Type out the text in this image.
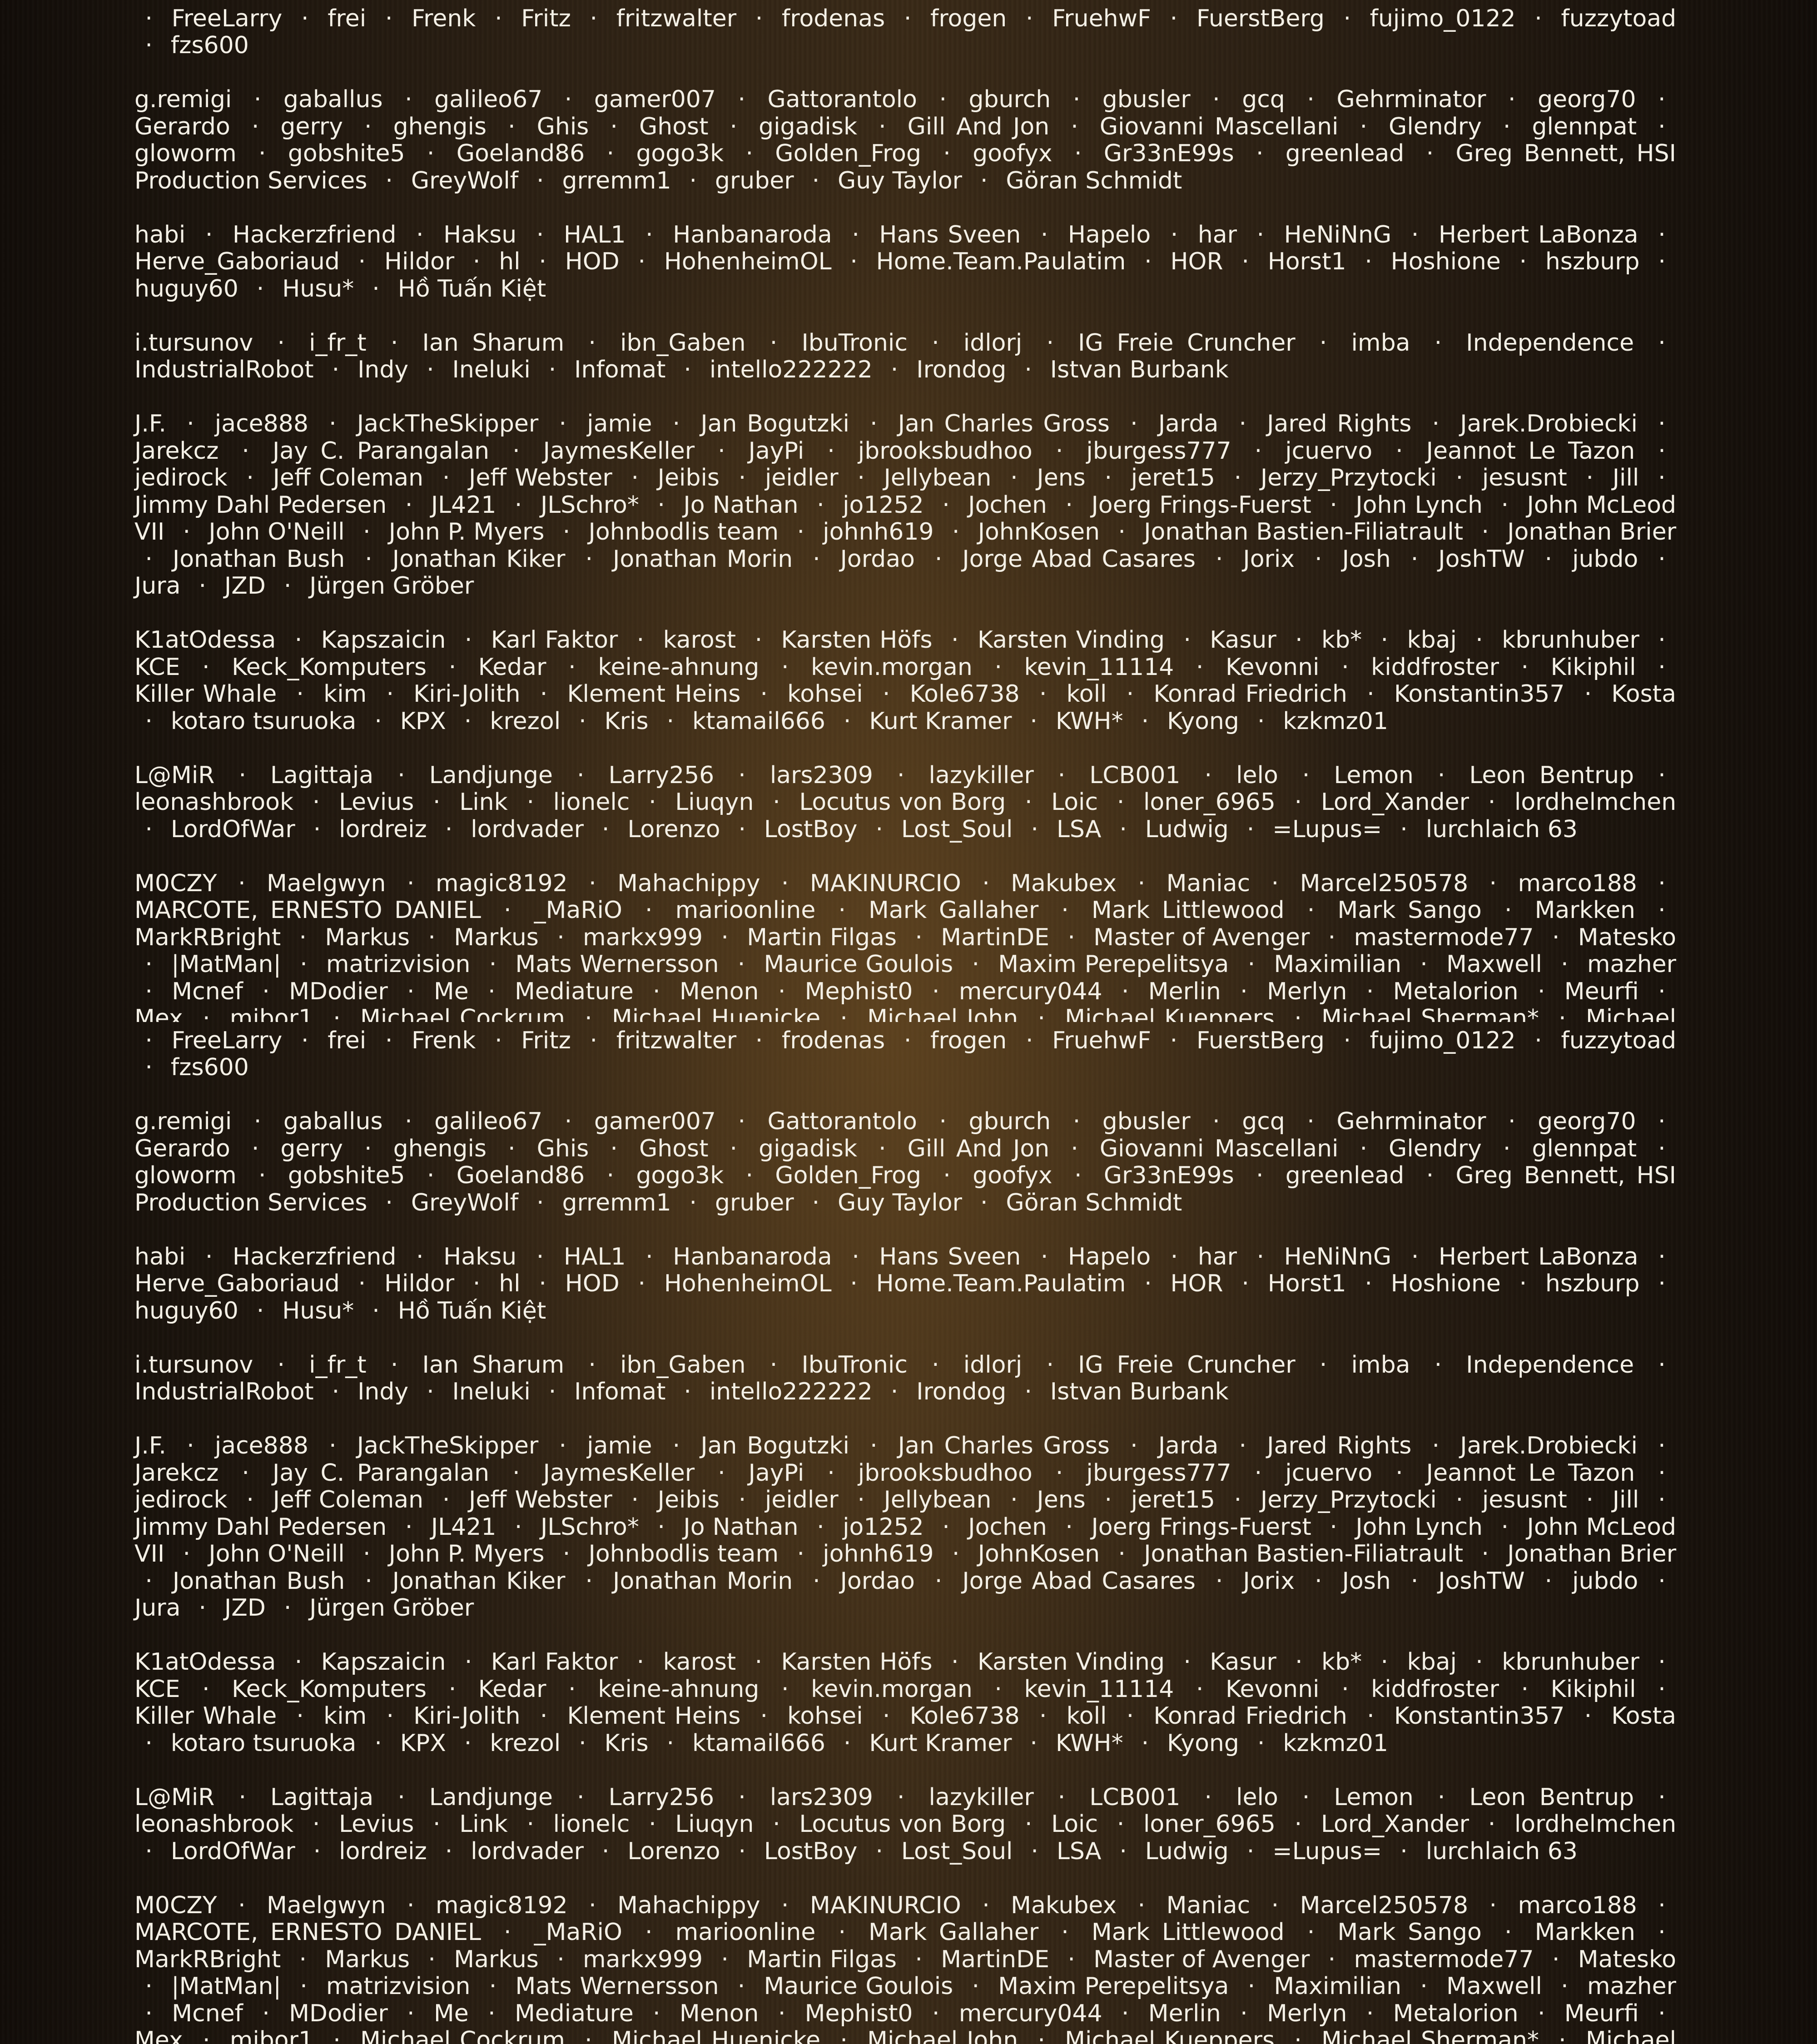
· FreeLarry · frei · Frenk · Fritz · fritzwalter · frodenas · frogen · FruehwF · FuerstBerg · fujimo_0122 · fuzzytoad · fzs600
g.remigi · gaballus · galileo67 · gamer007 · Gattorantolo · gburch · gbusler · gcq · Gehrminator · georg70 · Gerardo · gerry · ghengis · Ghis · Ghost · gigadisk · Gill And Jon · Giovanni Mascellani · Glendry · glennpat · gloworm · gobshite5 · Goeland86 · gogo3k · Golden_Frog · goofyx · Gr33nE99s · greenlead · Greg Bennett, HSI Production Services · GreyWolf · grremm1 · gruber · Guy Taylor · Göran Schmidt
habi · Hackerzfriend · Haksu · HAL1 · Hanbanaroda · Hans Sveen · Hapelo · har · HeNiNnG · Herbert LaBonza · Herve_Gaboriaud · Hildor · hl · HOD · HohenheimOL · Home.Team.Paulatim · HOR · Horst1 · Hoshione · hszburp · huguy60 · Husu* · Hồ Tuấn Kiệt
i.tursunov · i_fr_t · Ian Sharum · ibn_Gaben · IbuTronic · idlorj · IG Freie Cruncher · imba · Independence · IndustrialRobot · Indy · Ineluki · Infomat · intello222222 · Irondog · Istvan Burbank
J.F. · jace888 · JackTheSkipper · jamie · Jan Bogutzki · Jan Charles Gross · Jarda · Jared Rights · Jarek.Drobiecki · Jarekcz · Jay C. Parangalan · JaymesKeller · JayPi · jbrooksbudhoo · jburgess777 · jcuervo · Jeannot Le Tazon · jedirock · Jeff Coleman · Jeff Webster · Jeibis · jeidler · Jellybean · Jens · jeret15 · Jerzy_Przytocki · jesusnt · Jill · Jimmy Dahl Pedersen · JL421 · JLSchro* · Jo Nathan · jo1252 · Jochen · Joerg Frings-Fuerst · John Lynch · John McLeod VII · John O'Neill · John P. Myers · Johnbodlis team · johnh619 · JohnKosen · Jonathan Bastien-Filiatrault · Jonathan Brier · Jonathan Bush · Jonathan Kiker · Jonathan Morin · Jordao · Jorge Abad Casares · Jorix · Josh · JoshTW · jubdo · Jura · JZD · Jürgen Gröber
K1atOdessa · Kapszaicin · Karl Faktor · karost · Karsten Höfs · Karsten Vinding · Kasur · kb* · kbaj · kbrunhuber · KCE · Keck_Komputers · Kedar · keine-ahnung · kevin.morgan · kevin_11114 · Kevonni · kiddfroster · Kikiphil · Killer Whale · kim · Kiri-Jolith · Klement Heins · kohsei · Kole6738 · koll · Konrad Friedrich · Konstantin357 · Kosta · kotaro tsuruoka · KPX · krezol · Kris · ktamail666 · Kurt Kramer · KWH* · Kyong · kzkmz01
L@MiR · Lagittaja · Landjunge · Larry256 · lars2309 · lazykiller · LCB001 · lelo · Lemon · Leon Bentrup · leonashbrook · Levius · Link · lionelc · Liuqyn · Locutus von Borg · Loic · loner_6965 · Lord_Xander · lordhelmchen · LordOfWar · lordreiz · lordvader · Lorenzo · LostBoy · Lost_Soul · LSA · Ludwig · =Lupus= · lurchlaich 63
M0CZY · Maelgwyn · magic8192 · Mahachippy · MAKINURCIO · Makubex · Maniac · Marcel250578 · marco188 · MARCOTE, ERNESTO DANIEL · _MaRiO · marioonline · Mark Gallaher · Mark Littlewood · Mark Sango · Markken · MarkRBright · Markus · Markus · markx999 · Martin Filgas · MartinDE · Master of Avenger · mastermode77 · Matesko · |MatMan| · matrizvision · Mats Wernersson · Maurice Goulois · Maxim Perepelitsya · Maximilian · Maxwell · mazher · Mcnef · MDodier · Me · Mediature · Menon · Mephist0 · mercury044 · Merlin · Merlyn · Metalorion · Meurfi · Mex · mibor1 · Michael Cockrum · Michael Huenicke · Michael John · Michael Kueppers · Michael Sherman* · Michael
· FreeLarry · frei · Frenk · Fritz · fritzwalter · frodenas · frogen · FruehwF · FuerstBerg · fujimo_0122 · fuzzytoad · fzs600
g.remigi · gaballus · galileo67 · gamer007 · Gattorantolo · gburch · gbusler · gcq · Gehrminator · georg70 · Gerardo · gerry · ghengis · Ghis · Ghost · gigadisk · Gill And Jon · Giovanni Mascellani · Glendry · glennpat · gloworm · gobshite5 · Goeland86 · gogo3k · Golden_Frog · goofyx · Gr33nE99s · greenlead · Greg Bennett, HSI Production Services · GreyWolf · grremm1 · gruber · Guy Taylor · Göran Schmidt
habi · Hackerzfriend · Haksu · HAL1 · Hanbanaroda · Hans Sveen · Hapelo · har · HeNiNnG · Herbert LaBonza · Herve_Gaboriaud · Hildor · hl · HOD · HohenheimOL · Home.Team.Paulatim · HOR · Horst1 · Hoshione · hszburp · huguy60 · Husu* · Hồ Tuấn Kiệt
i.tursunov · i_fr_t · Ian Sharum · ibn_Gaben · IbuTronic · idlorj · IG Freie Cruncher · imba · Independence · IndustrialRobot · Indy · Ineluki · Infomat · intello222222 · Irondog · Istvan Burbank
J.F. · jace888 · JackTheSkipper · jamie · Jan Bogutzki · Jan Charles Gross · Jarda · Jared Rights · Jarek.Drobiecki · Jarekcz · Jay C. Parangalan · JaymesKeller · JayPi · jbrooksbudhoo · jburgess777 · jcuervo · Jeannot Le Tazon · jedirock · Jeff Coleman · Jeff Webster · Jeibis · jeidler · Jellybean · Jens · jeret15 · Jerzy_Przytocki · jesusnt · Jill · Jimmy Dahl Pedersen · JL421 · JLSchro* · Jo Nathan · jo1252 · Jochen · Joerg Frings-Fuerst · John Lynch · John McLeod VII · John O'Neill · John P. Myers · Johnbodlis team · johnh619 · JohnKosen · Jonathan Bastien-Filiatrault · Jonathan Brier · Jonathan Bush · Jonathan Kiker · Jonathan Morin · Jordao · Jorge Abad Casares · Jorix · Josh · JoshTW · jubdo · Jura · JZD · Jürgen Gröber
K1atOdessa · Kapszaicin · Karl Faktor · karost · Karsten Höfs · Karsten Vinding · Kasur · kb* · kbaj · kbrunhuber · KCE · Keck_Komputers · Kedar · keine-ahnung · kevin.morgan · kevin_11114 · Kevonni · kiddfroster · Kikiphil · Killer Whale · kim · Kiri-Jolith · Klement Heins · kohsei · Kole6738 · koll · Konrad Friedrich · Konstantin357 · Kosta · kotaro tsuruoka · KPX · krezol · Kris · ktamail666 · Kurt Kramer · KWH* · Kyong · kzkmz01
L@MiR · Lagittaja · Landjunge · Larry256 · lars2309 · lazykiller · LCB001 · lelo · Lemon · Leon Bentrup · leonashbrook · Levius · Link · lionelc · Liuqyn · Locutus von Borg · Loic · loner_6965 · Lord_Xander · lordhelmchen · LordOfWar · lordreiz · lordvader · Lorenzo · LostBoy · Lost_Soul · LSA · Ludwig · =Lupus= · lurchlaich 63
M0CZY · Maelgwyn · magic8192 · Mahachippy · MAKINURCIO · Makubex · Maniac · Marcel250578 · marco188 · MARCOTE, ERNESTO DANIEL · _MaRiO · marioonline · Mark Gallaher · Mark Littlewood · Mark Sango · Markken · MarkRBright · Markus · Markus · markx999 · Martin Filgas · MartinDE · Master of Avenger · mastermode77 · Matesko · |MatMan| · matrizvision · Mats Wernersson · Maurice Goulois · Maxim Perepelitsya · Maximilian · Maxwell · mazher · Mcnef · MDodier · Me · Mediature · Menon · Mephist0 · mercury044 · Merlin · Merlyn · Metalorion · Meurfi · Mex · mibor1 · Michael Cockrum · Michael Huenicke · Michael John · Michael Kueppers · Michael Sherman* · Michael
